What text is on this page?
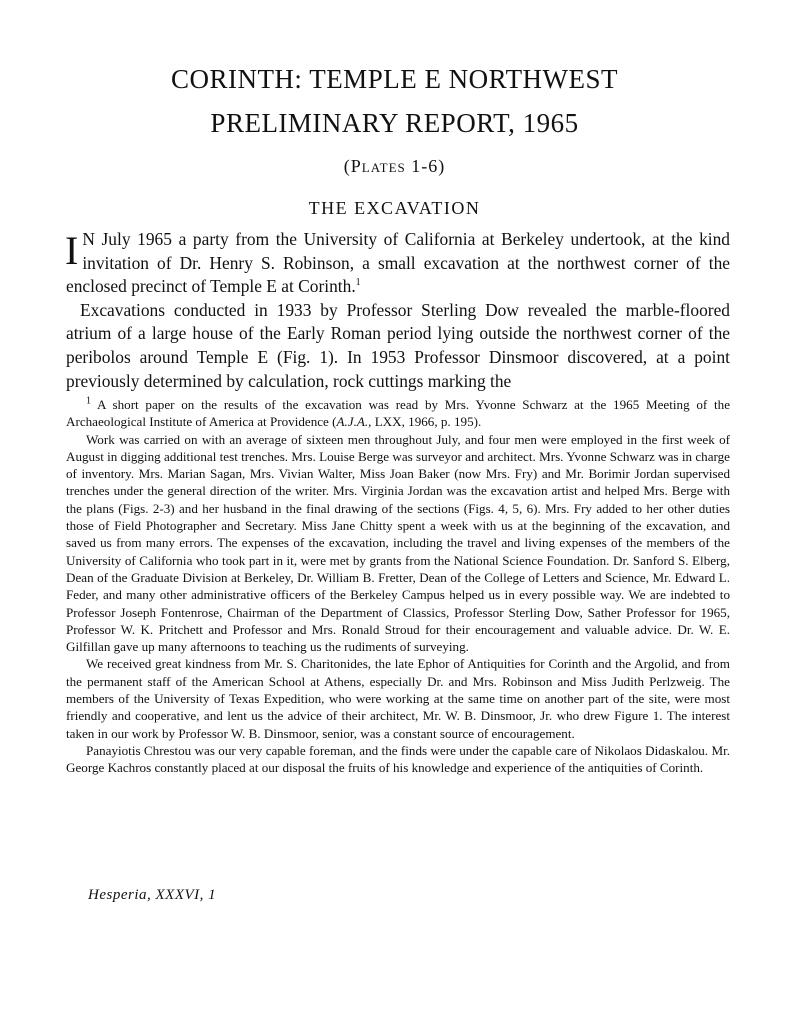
CORINTH: TEMPLE E NORTHWEST
PRELIMINARY REPORT, 1965
(Plates 1-6)
THE EXCAVATION

I N July 1965 a party from the University of California at Berkeley undertook, at the kind invitation of Dr. Henry S. Robinson, a small excavation at the northwest corner of the enclosed precinct of Temple E at Corinth.$^1$

Excavations conducted in 1933 by Professor Sterling Dow revealed the marble-floored atrium of a large house of the Early Roman period lying outside the northwest corner of the peribolos around Temple E (Fig. 1). In 1953 Professor Dinsmoor discovered, at a point previously determined by calculation, rock cuttings marking the

$^1$ A short paper on the results of the excavation was read by Mrs. Yvonne Schwarz at the 1965 Meeting of the Archaeological Institute of America at Providence (A.J.A., LXX, 1966, p. 195).

Work was carried on with an average of sixteen men throughout July, and four men were employed in the first week of August in digging additional test trenches. Mrs. Louise Berge was surveyor and architect. Mrs. Yvonne Schwarz was in charge of inventory. Mrs. Marian Sagan, Mrs. Vivian Walter, Miss Joan Baker (now Mrs. Fry) and Mr. Borimir Jordan supervised trenches under the general direction of the writer. Mrs. Virginia Jordan was the excavation artist and helped Mrs. Berge with the plans (Figs. 2-3) and her husband in the final drawing of the sections (Figs. 4, 5, 6). Mrs. Fry added to her other duties those of Field Photographer and Secretary. Miss Jane Chitty spent a week with us at the beginning of the excavation, and saved us from many errors. The expenses of the excavation, including the travel and living expenses of the members of the University of California who took part in it, were met by grants from the National Science Foundation. Dr. Sanford S. Elberg, Dean of the Graduate Division at Berkeley, Dr. William B. Fretter, Dean of the College of Letters and Science, Mr. Edward L. Feder, and many other administrative officers of the Berkeley Campus helped us in every possible way. We are indebted to Professor Joseph Fontenrose, Chairman of the Department of Classics, Professor Sterling Dow, Sather Professor for 1965, Professor W. K. Pritchett and Professor and Mrs. Ronald Stroud for their encouragement and valuable advice. Dr. W. E. Gilfillan gave up many afternoons to teaching us the rudiments of surveying.

We received great kindness from Mr. S. Charitonides, the late Ephor of Antiquities for Corinth and the Argolid, and from the permanent staff of the American School at Athens, especially Dr. and Mrs. Robinson and Miss Judith Perlzweig. The members of the University of Texas Expedition, who were working at the same time on another part of the site, were most friendly and cooperative, and lent us the advice of their architect, Mr. W. B. Dinsmoor, Jr. who drew Figure 1. The interest taken in our work by Professor W. B. Dinsmoor, senior, was a constant source of encouragement.

Panayiotis Chrestou was our very capable foreman, and the finds were under the capable care of Nikolaos Didaskalou. Mr. George Kachros constantly placed at our disposal the fruits of his knowledge and experience of the antiquities of Corinth.

Hesperia, XXXVI, 1
